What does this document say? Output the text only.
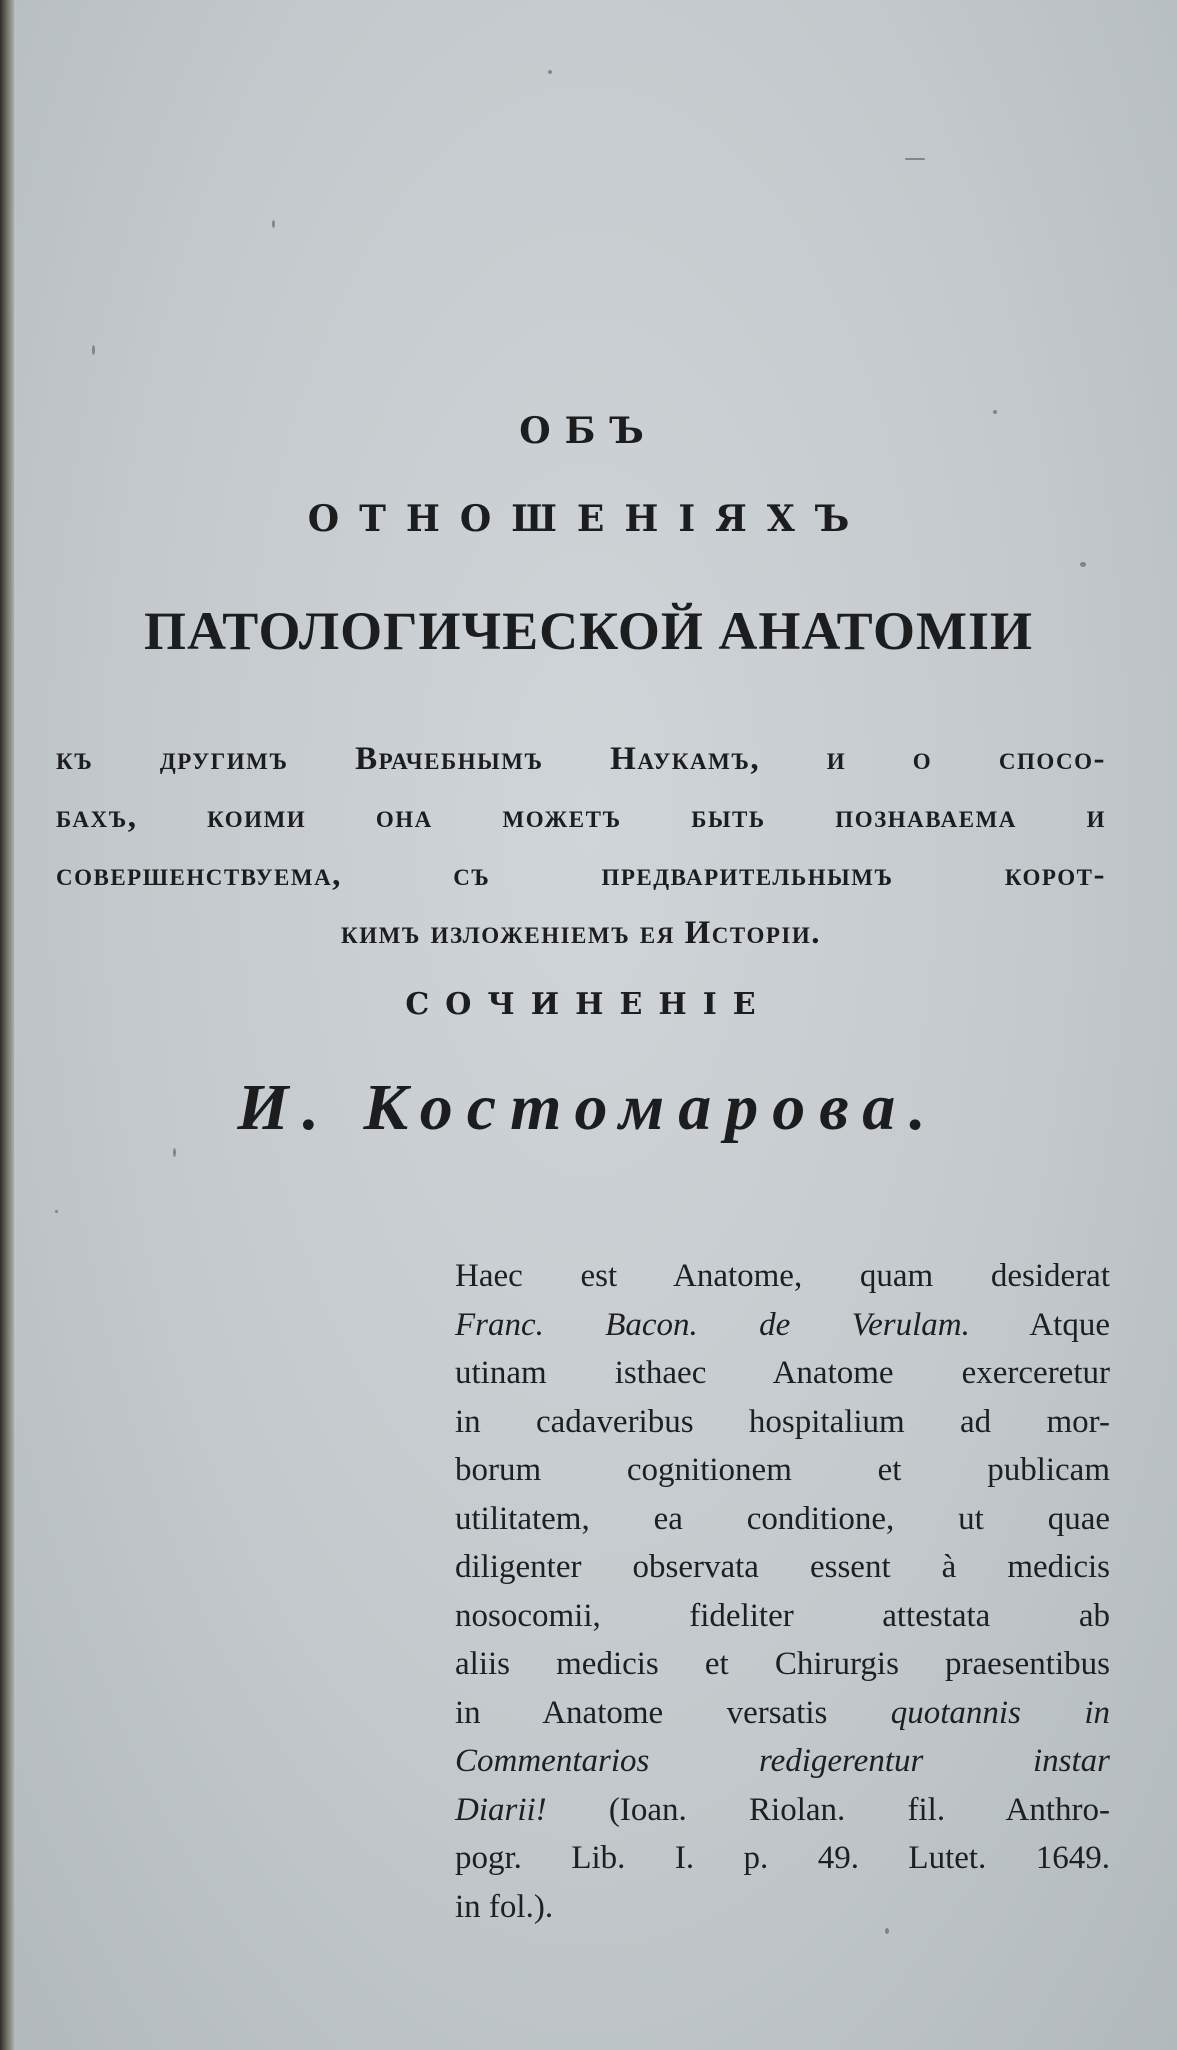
ОБЪ
ОТНОШЕНІЯХЪ
ПАТОЛОГИЧЕСКОЙ АНАТОМІИ
къ другимъ Врачебнымъ Наукамъ, и о спосо-
бахъ, коими она можетъ быть познаваема и
совершенствуема, съ предварительнымъ корот-
кимъ изложеніемъ ея Исторіи.
СОЧИНЕНІЕ
И. Костомарова.
Haec est Anatome, quam desiderat
Franc. Bacon. de Verulam. Atque
utinam isthaec Anatome exerceretur
in cadaveribus hospitalium ad mor-
borum cognitionem et publicam
utilitatem, ea conditione, ut quae
diligenter observata essent à medicis
nosocomii, fideliter attestata ab
aliis medicis et Chirurgis praesentibus
in Anatome versatis quotannis in
Commentarios redigerentur instar
Diarii! (Ioan. Riolan. fil. Anthro-
pogr. Lib. I. p. 49. Lutet. 1649.
in fol.).
